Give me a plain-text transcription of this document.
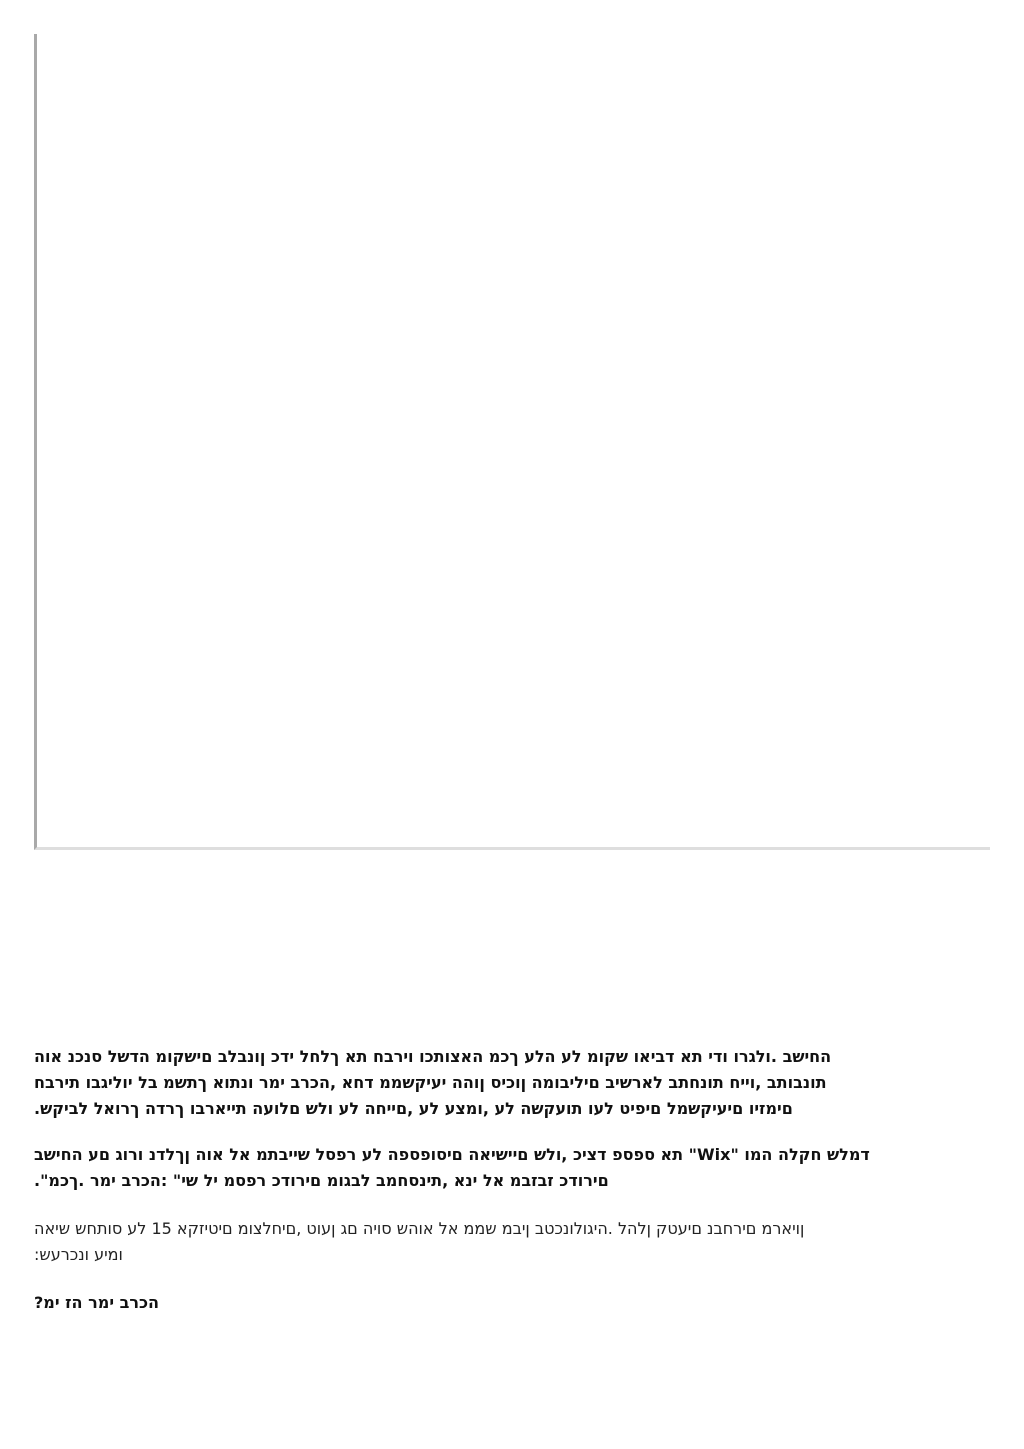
החישב .ולגרו ודי תא דביאו שקומ לע הלע ךכמ האצותכו וירבח תא ךלחל ידכ ןונבלב םישקומ הדשל סנכנ אוה
תונבותב ,וייח תונחתב לארשיב םיליבומה ןוכיס ןוהה יעיקשממ דחא ,הכרב ימר ונתוא ךתשמ בל יוליגבו תירבח
םימזיו םיעיקשמל םיפיט לעו תועקשה לע ,ומצע לע ,םייחה לע ולש םלועה תייארבו ךרדה ךרואל לביקש.

דמלש חקלה המו "Wix" תא ספספ דציכ ,ולש םיישיאה םיסופספה לע רפסל שייבתמ אל אוה ןךלדנ ורוג םע החישב
םירודכ זבזבמ אל ינא ,תינסחמב לבגומ םירודכ רפסמ יל שי" :הכרב ימר .ךכמ".

ןויארמ םירחבנ םיעטק ןלהל .היגולונכטב ןיבמ שממ אל אוהש סויה םג ןעוט ,םיחלצומ םיטיזקא 15 לע סותחש שיאה
ומיע ונכרעש:

הכרב ימר הז ימ?
